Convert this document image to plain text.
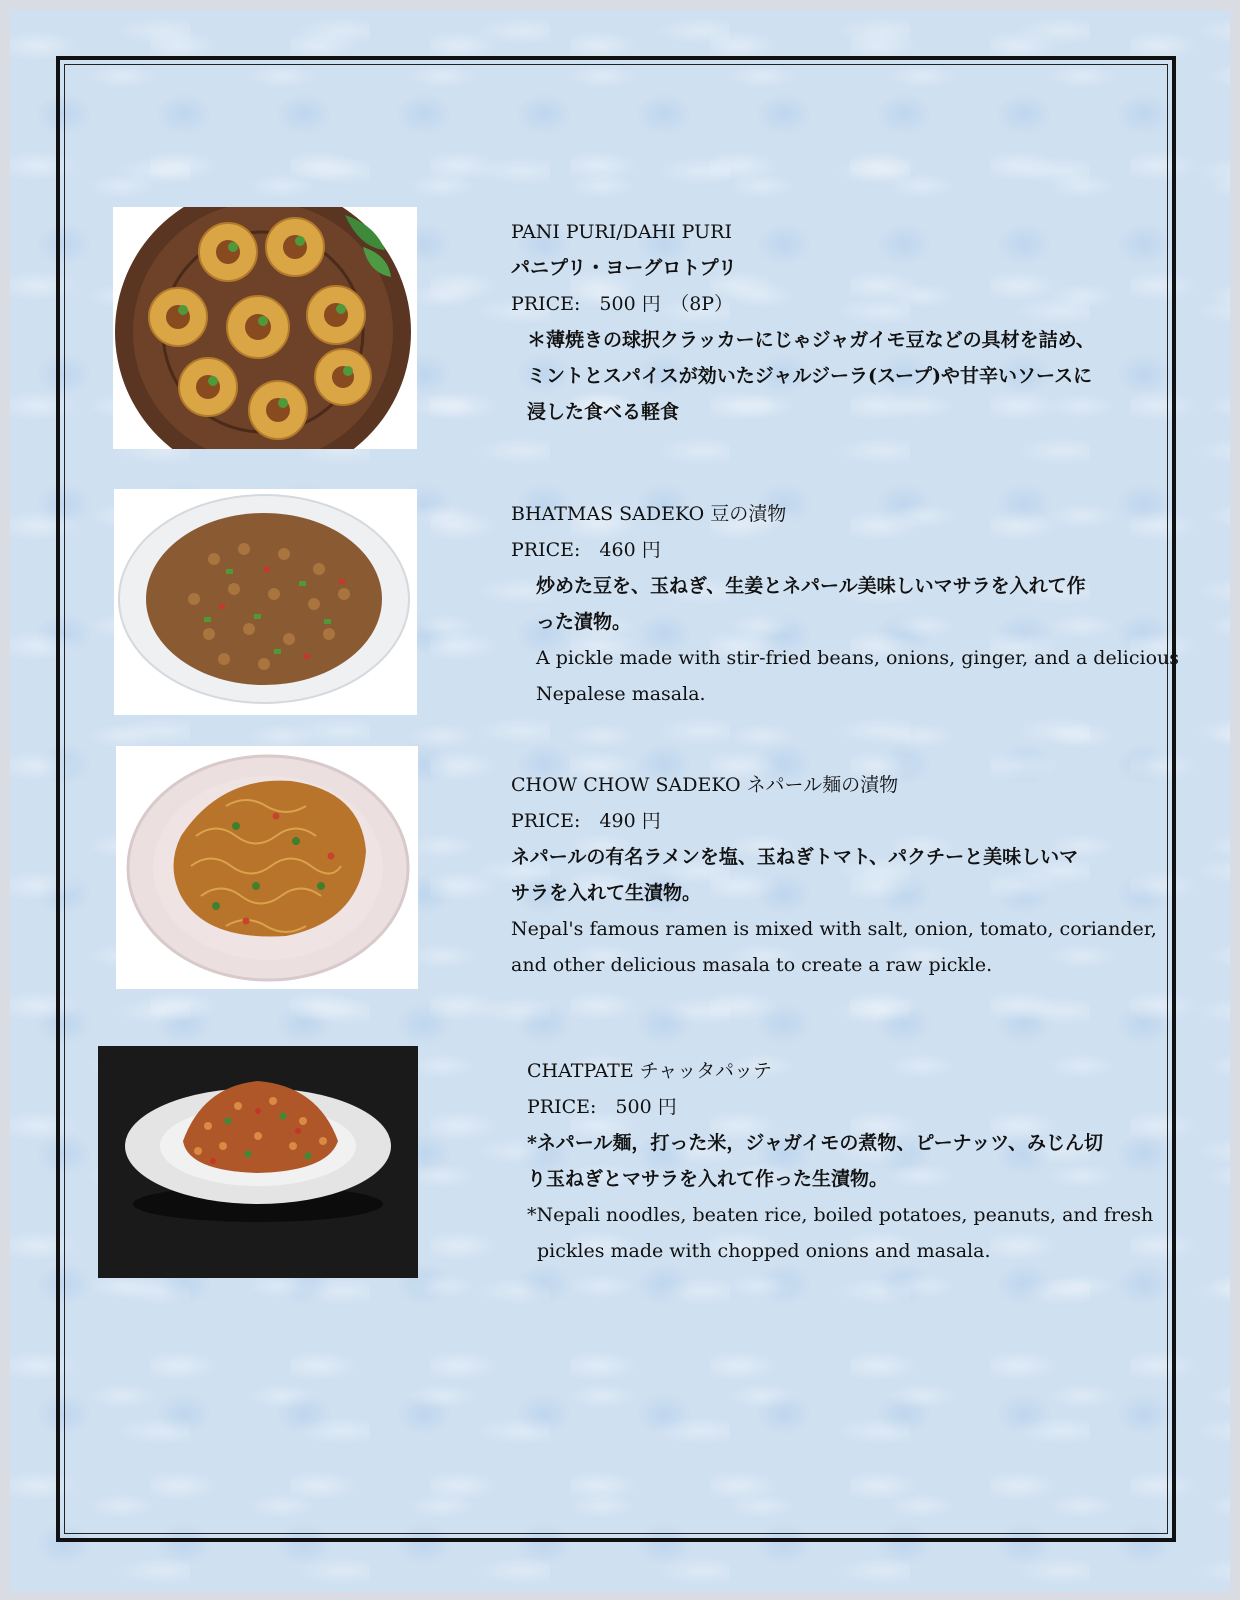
PANI PURI/DAHI PURI
パニプリ・ヨーグロトプリ
PRICE:　500 円　（8P）
＊薄焼きの球択クラッカーにじゃジャガイモ豆などの具材を詰め、
ミントとスパイスが効いたジャルジーラ(スープ)や甘辛いソースに
浸した食べる軽食
BHATMAS SADEKO 豆の漬物
PRICE:　460 円
炒めた豆を、玉ねぎ、生姜とネパール美味しいマサラを入れて作
った漬物。
A pickle made with stir-fried beans, onions, ginger, and a delicious
Nepalese masala.
CHOW CHOW SADEKO ネパール麺の漬物
PRICE:　490 円
ネパールの有名ラメンを塩、玉ねぎトマト、パクチーと美味しいマ
サラを入れて生漬物。
Nepal's famous ramen is mixed with salt, onion, tomato, coriander,
and other delicious masala to create a raw pickle.
CHATPATE チャッタパッテ
PRICE:　500 円
*ネパール麺，打った米，ジャガイモの煮物、ピーナッツ、みじん切
り玉ねぎとマサラを入れて作った生漬物。
*Nepali noodles, beaten rice, boiled potatoes, peanuts, and fresh
pickles made with chopped onions and masala.
